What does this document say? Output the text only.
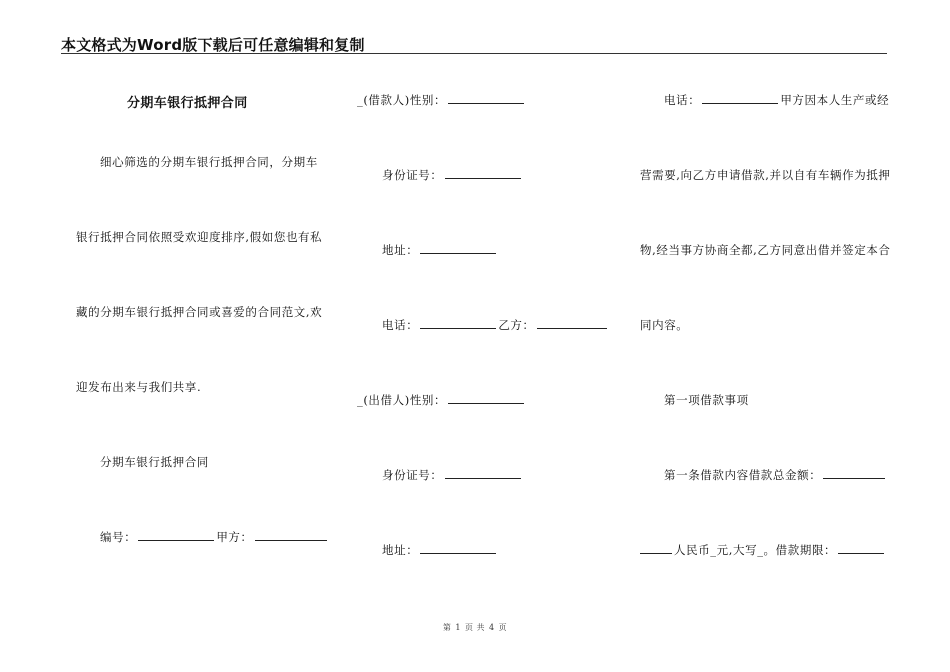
本文格式为Word版下载后可任意编辑和复制
分期车银行抵押合同
细心筛选的分期车银行抵押合同，分期车
银行抵押合同依照受欢迎度排序,假如您也有私
藏的分期车银行抵押合同或喜爱的合同范文,欢
迎发布出来与我们共享.
分期车银行抵押合同
编号：	甲方：
_(借款人)性别：
身份证号：
地址：
电话：	乙方：
_(出借人)性别：
身份证号：
地址：
电话：	甲方因本人生产或经
营需要,向乙方申请借款,并以自有车辆作为抵押
物,经当事方协商全都,乙方同意出借并签定本合
同内容。
第一项借款事项
第一条借款内容借款总金额：
人民币_元,大写_。借款期限：
第 1 页 共 4 页
